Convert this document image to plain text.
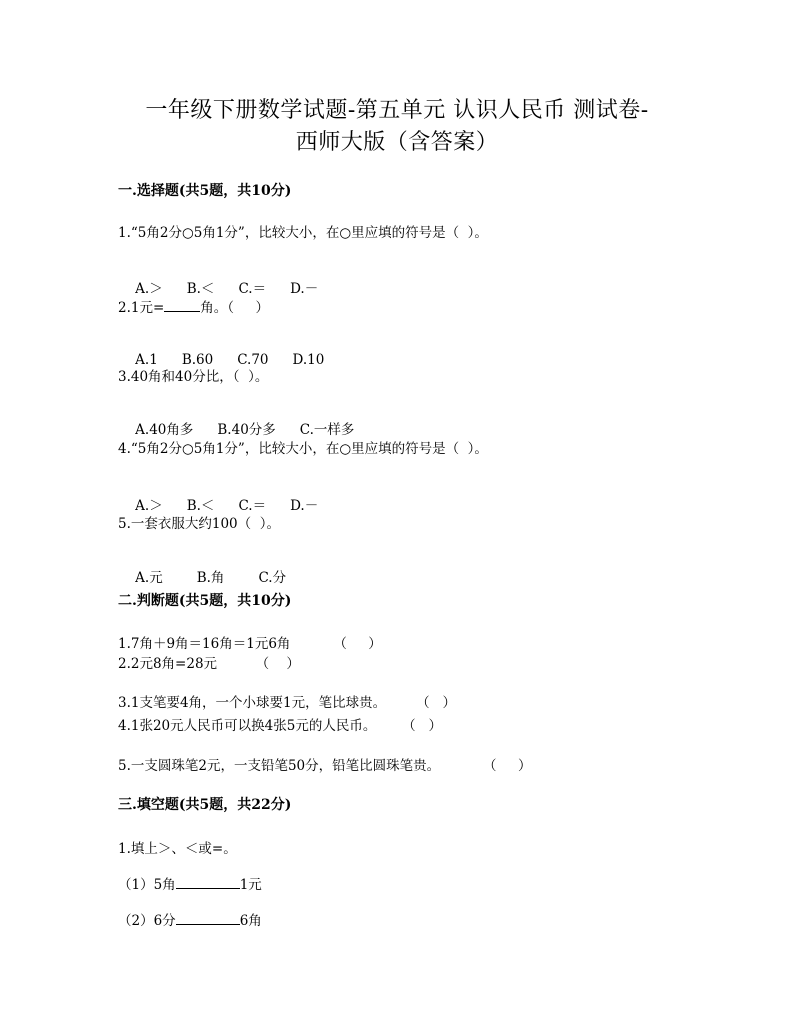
一年级下册数学试题-第五单元 认识人民币 测试卷-
西师大版（含答案）
一.选择题(共5题，共10分)
1.“5角2分○5角1分”，比较大小，在○里应填的符号是（  ）。

A.＞ B.＜ C.＝ D.－

2.1元=	角。（     ）

A.1 B.60 C.70 D.10

3.40角和40分比，（  ）。

A.40角多 B.40分多 C.一样多

4.“5角2分○5角1分”，比较大小，在○里应填的符号是（  ）。

A.＞ B.＜ C.＝ D.－

5.一套衣服大约100（  ）。

A.元	B.角	C.分

二.判断题(共5题，共10分)
1.7角＋9角＝16角＝1元6角          （     ）
2.2元8角=28元         （    ）
3.1支笔要4角，一个小球要1元，笔比球贵。       （   ）
4.1张20元人民币可以换4张5元的人民币。      （   ）
5.一支圆珠笔2元，一支铅笔50分，铅笔比圆珠笔贵。          （     ）
三.填空题(共5题，共22分)
1.填上＞、＜或=。
（1）5角	1元
（2）6分	6角
